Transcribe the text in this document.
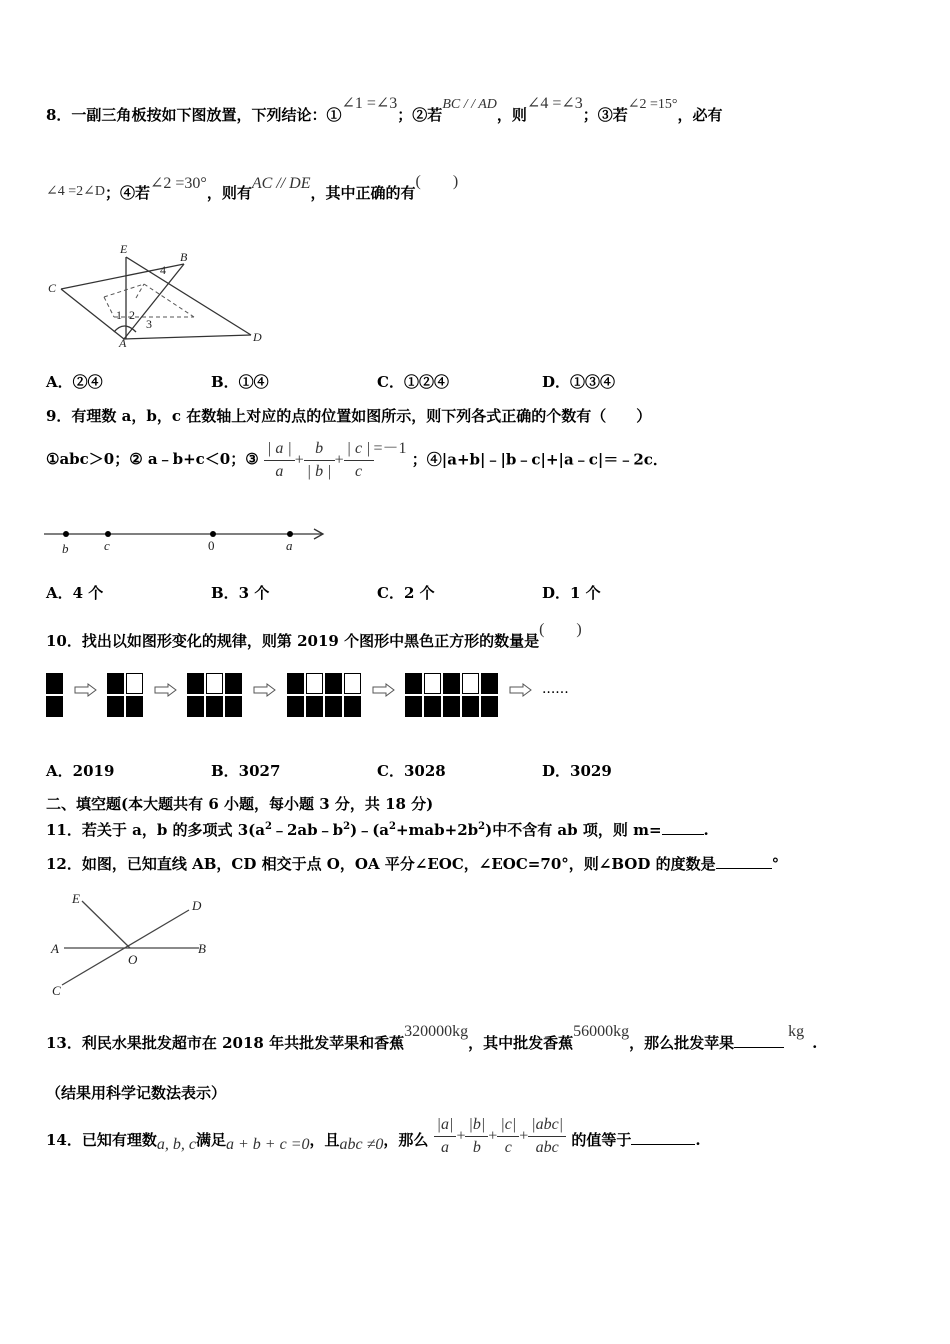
8．一副三角板按如下图放置，下列结论：①∠1 =∠3；②若BC / / AD，则∠4 =∠3；③若∠2 =15°，必有
∠4 =2∠D；④若∠2 =30°，则有AC // DE，其中正确的有(　　)
E
B
C
4
1 2
3
A	D
A．②④	B．①④	C．①②④	D．①③④
9．有理数 a，b，c 在数轴上对应的点的位置如图所示，则下列各式正确的个数有（　　）
①abc＞0；② a﹣b+c＜0；③ $\frac{| a |}{a} + \frac{b}{| b |} + \frac{| c |}{c} =-1$ ；④|a+b|﹣|b﹣c|+|a﹣c|＝﹣2c．
b	c	0	a
A．4 个	B．3 个	C．2 个	D．1 个
10．找出以如图形变化的规律，则第 2019 个图形中黑色正方形的数量是(　　)

......
A．2019	B．3027	C．3028	D．3029
二、填空题(本大题共有 6 小题，每小题 3 分，共 18 分)
11．若关于 a，b 的多项式 $3(a^2﹣2ab﹣b^2)﹣(a^2+mab+2b^2)$中不含有 ab 项，则 m=	.
12．如图，已知直线 AB，CD 相交于点 O，OA 平分∠EOC，∠EOC=70°，则∠BOD 的度数是	°
E	D
A
O
B
C
13．利民水果批发超市在 2018 年共批发苹果和香蕉320000kg，其中批发香蕉56000kg，那么批发苹果kg.
（结果用科学记数法表示）
14．已知有理数a, b, c满足a + b + c =0，且abc ≠0，那么 $\frac{|a|}{a} + \frac{|b|}{b} + \frac{|c|}{c} + \frac{\text{|abc|}}{\text{abc}}$ 的值等于	.
